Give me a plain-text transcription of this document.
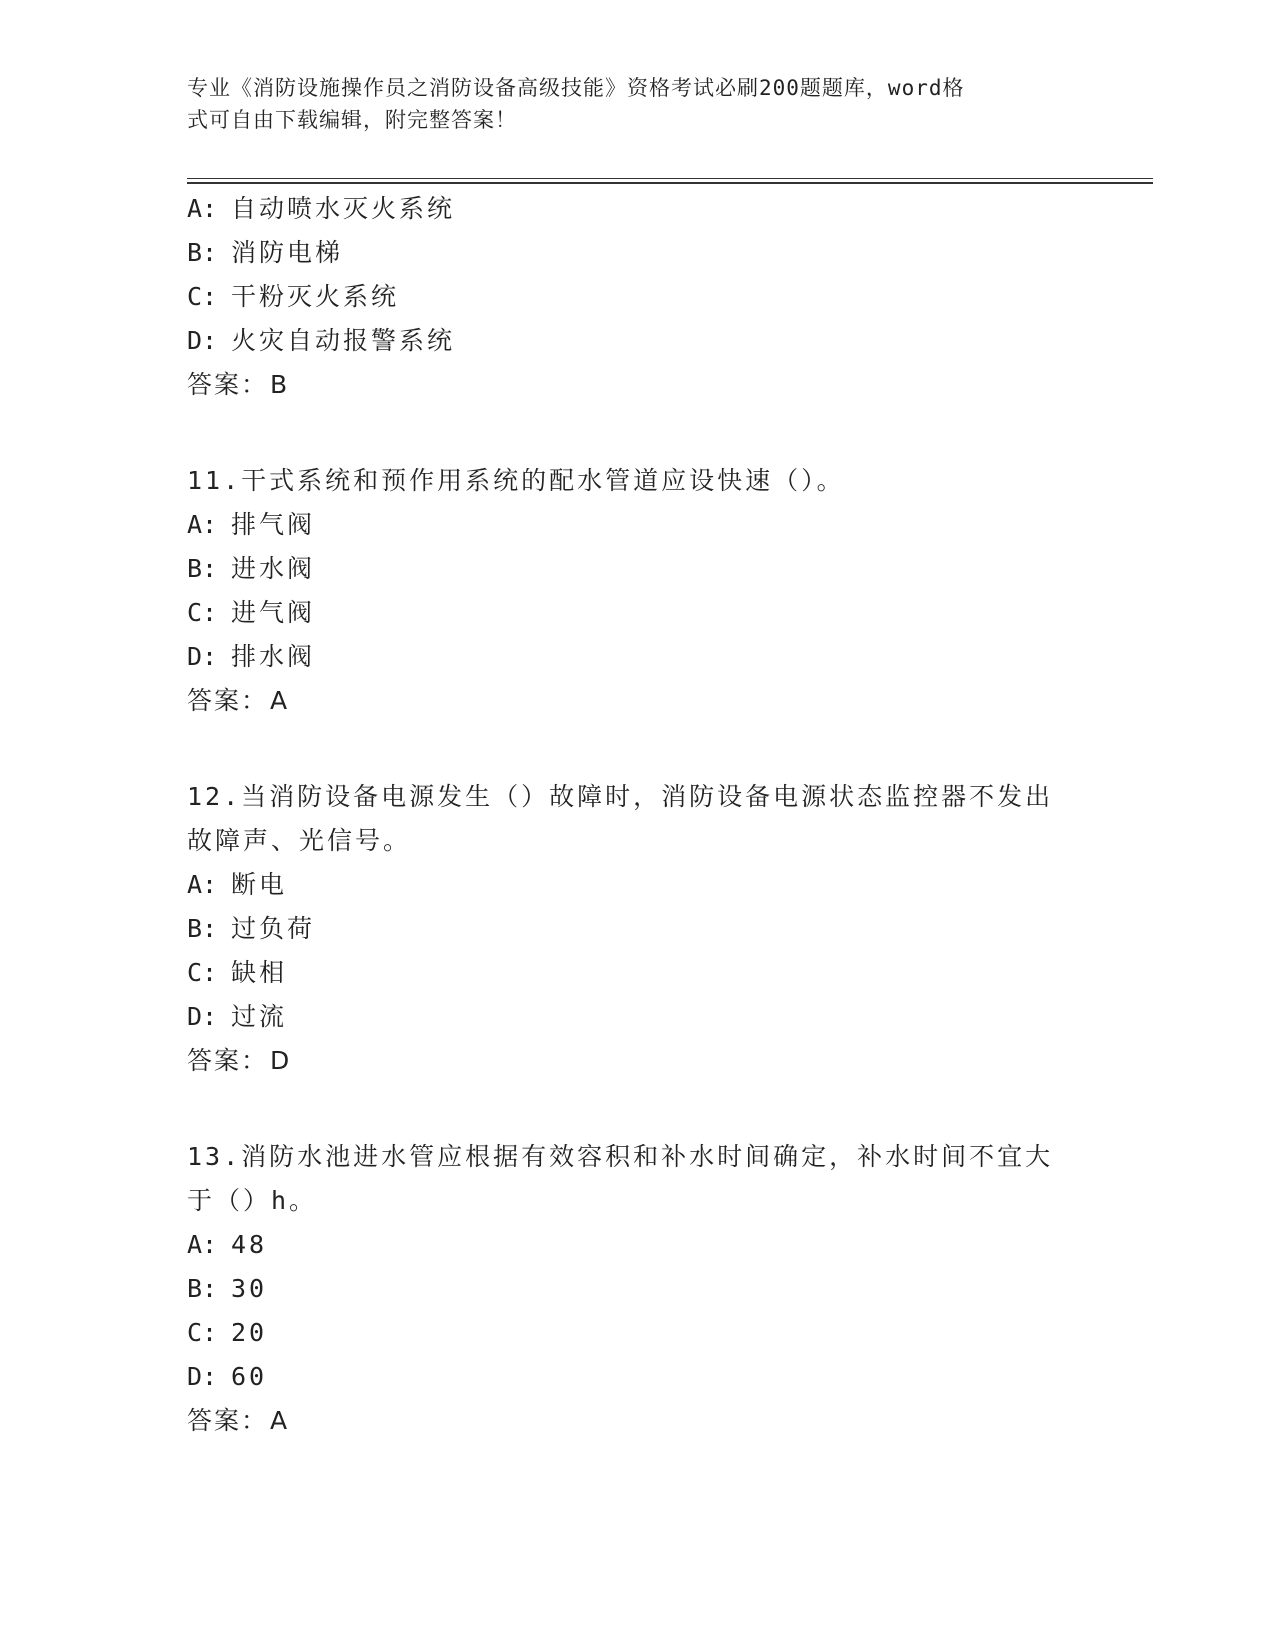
专业《消防设施操作员之消防设备高级技能》资格考试必刷200题题库，word格
式可自由下载编辑，附完整答案！
A: 自动喷水灭火系统
B: 消防电梯
C: 干粉灭火系统
D: 火灾自动报警系统
答案：B
11.干式系统和预作用系统的配水管道应设快速（）。
A: 排气阀
B: 进水阀
C: 进气阀
D: 排水阀
答案：A
12.当消防设备电源发生（）故障时，消防设备电源状态监控器不发出
故障声、光信号。
A: 断电
B: 过负荷
C: 缺相
D: 过流
答案：D
13.消防水池进水管应根据有效容积和补水时间确定，补水时间不宜大
于（）h。
A: 48
B: 30
C: 20
D: 60
答案：A
